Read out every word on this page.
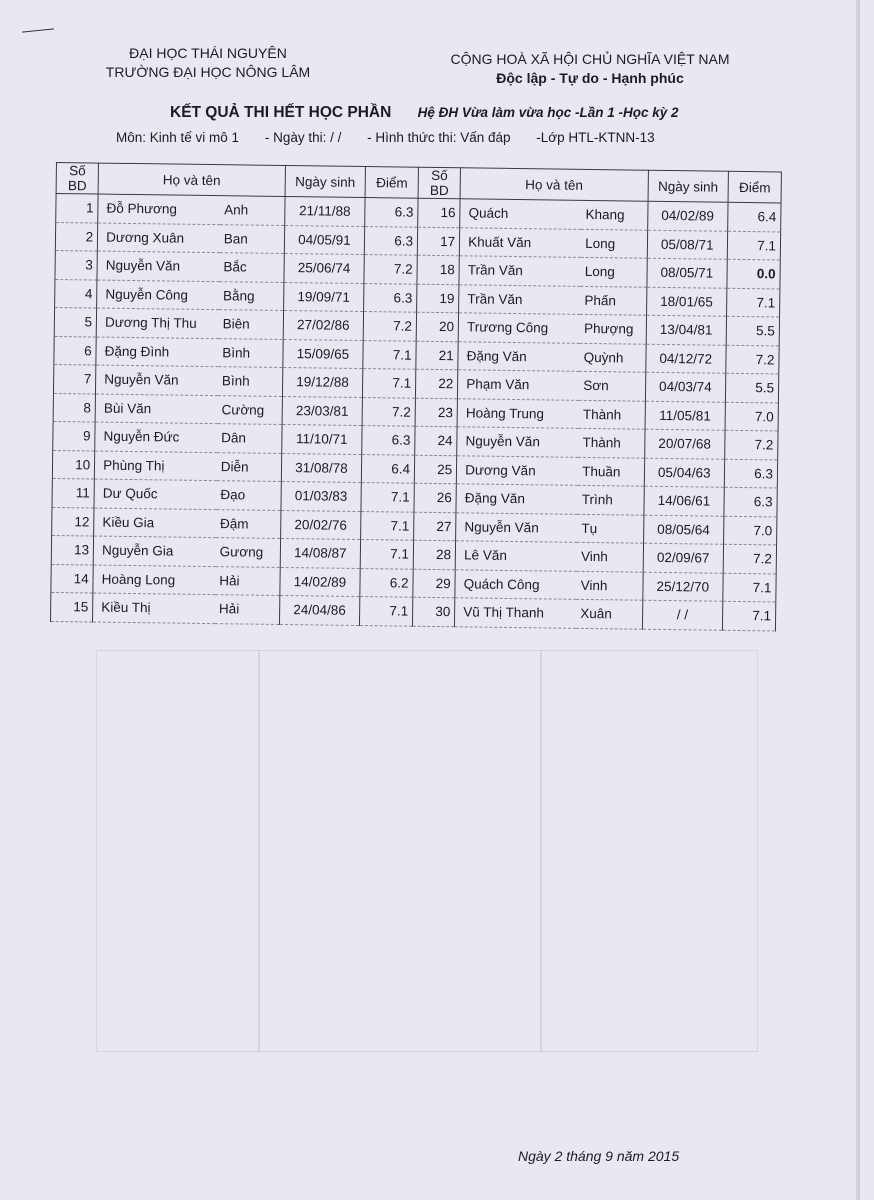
ĐẠI HỌC THÁI NGUYÊN
TRƯỜNG ĐẠI HỌC NÔNG LÂM
CỘNG HOÀ XÃ HỘI CHỦ NGHĨA VIỆT NAM
Độc lập - Tự do - Hạnh phúc
KẾT QUẢ THI HẾT HỌC PHẦN Hệ ĐH Vừa làm vừa học -Lần 1 -Học kỳ 2
Môn: Kinh tế vi mô 1 - Ngày thi: / / - Hình thức thi: Vấn đáp -Lớp HTL-KTNN-13
Số BD	Họ và tên		Ngày sinh	Điểm	Số BD	Họ và tên		Ngày sinh	Điểm
1	Đỗ Phương	Anh	21/11/88	6.3	16	Quách	Khang	04/02/89	6.4
2	Dương Xuân	Ban	04/05/91	6.3	17	Khuất Văn	Long	05/08/71	7.1
3	Nguyễn Văn	Bắc	25/06/74	7.2	18	Trần Văn	Long	08/05/71	0.0
4	Nguyễn Công	Bằng	19/09/71	6.3	19	Trần Văn	Phấn	18/01/65	7.1
5	Dương Thị Thu	Biên	27/02/86	7.2	20	Trương Công	Phượng	13/04/81	5.5
6	Đặng Đình	Bình	15/09/65	7.1	21	Đặng Văn	Quỳnh	04/12/72	7.2
7	Nguyễn Văn	Bình	19/12/88	7.1	22	Phạm Văn	Sơn	04/03/74	5.5
8	Bùi Văn	Cường	23/03/81	7.2	23	Hoàng Trung	Thành	11/05/81	7.0
9	Nguyễn Đức	Dân	11/10/71	6.3	24	Nguyễn Văn	Thành	20/07/68	7.2
10	Phùng Thị	Diễn	31/08/78	6.4	25	Dương Văn	Thuần	05/04/63	6.3
11	Dư Quốc	Đạo	01/03/83	7.1	26	Đặng Văn	Trình	14/06/61	6.3
12	Kiều Gia	Đậm	20/02/76	7.1	27	Nguyễn Văn	Tụ	08/05/64	7.0
13	Nguyễn Gia	Gương	14/08/87	7.1	28	Lê Văn	Vinh	02/09/67	7.2
14	Hoàng Long	Hải	14/02/89	6.2	29	Quách Công	Vinh	25/12/70	7.1
15	Kiều Thị	Hải	24/04/86	7.1	30	Vũ Thị Thanh	Xuân	/ /	7.1
Ngày 2 tháng 9 năm 2015
